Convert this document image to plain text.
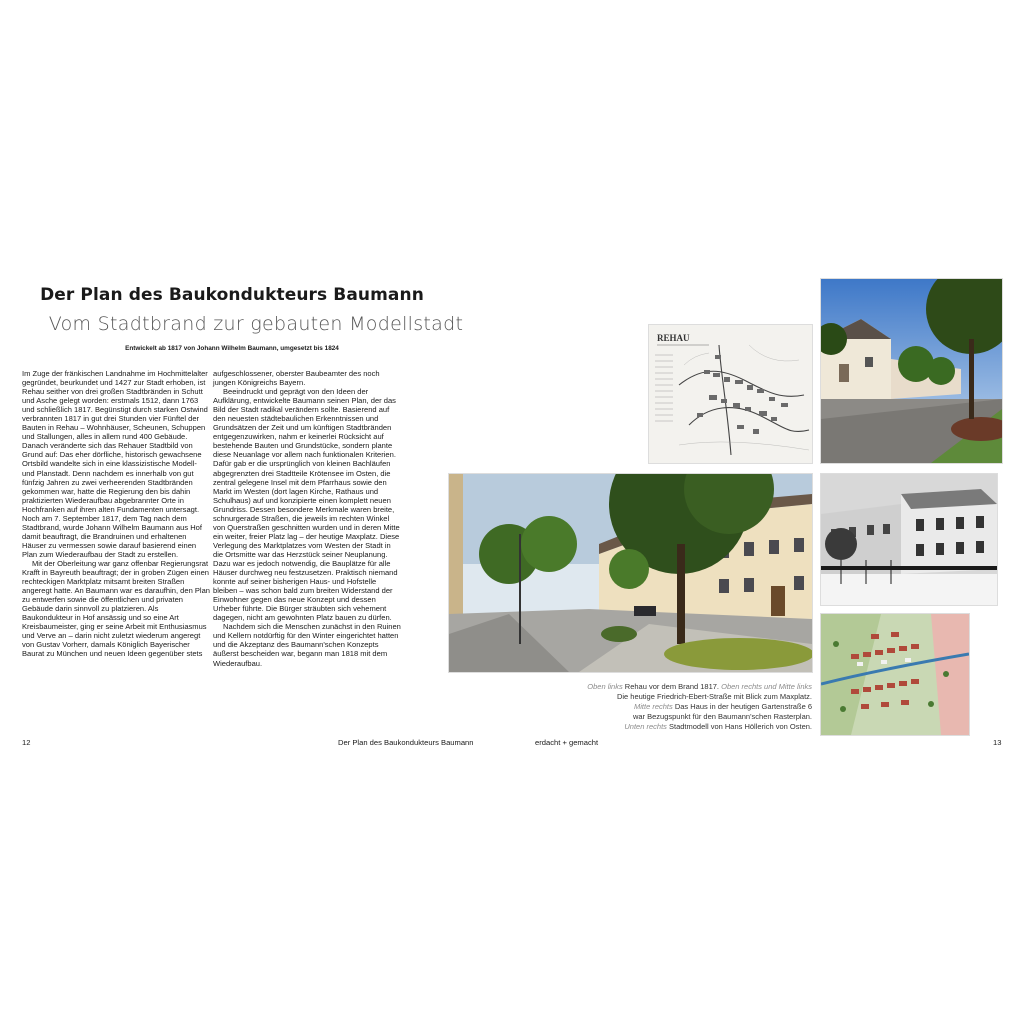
Der Plan des Baukondukteurs Baumann
Vom Stadtbrand zur gebauten Modellstadt
Entwickelt ab 1817 von Johann Wilhelm Baumann, umgesetzt bis 1824

Im Zuge der fränkischen Landnahme im Hochmittelalter gegründet, beurkundet und 1427 zur Stadt erhoben, ist Rehau seither von drei großen Stadtbränden in Schutt und Asche gelegt worden: erstmals 1512, dann 1763 und schließlich 1817. Begünstigt durch starken Ostwind verbrannten 1817 in gut drei Stunden vier Fünftel der Bauten in Rehau – Wohnhäuser, Scheunen, Schuppen und Stallungen, alles in allem rund 400 Gebäude. Danach veränderte sich das Rehauer Stadtbild von Grund auf: Das eher dörfliche, historisch gewachsene Ortsbild wandelte sich in eine klassizistische Modell- und Planstadt. Denn nachdem es innerhalb von gut fünfzig Jahren zu zwei verheerenden Stadtbränden gekommen war, hatte die Regierung den bis dahin praktizierten Wiederaufbau abgebrannter Orte in Hochfranken auf ihren alten Fundamenten untersagt. Noch am 7. September 1817, dem Tag nach dem Stadtbrand, wurde Johann Wilhelm Baumann aus Hof damit beauftragt, die Brandruinen und erhaltenen Häuser zu vermessen sowie darauf basierend einen Plan zum Wiederaufbau der Stadt zu erstellen.

Mit der Oberleitung war ganz offenbar Regierungsrat Krafft in Bayreuth beauftragt; der in groben Zügen einen rechteckigen Marktplatz mitsamt breiten Straßen angeregt hatte. An Baumann war es daraufhin, den Plan zu entwerfen sowie die öffentlichen und privaten Gebäude darin sinnvoll zu platzieren. Als Baukondukteur in Hof ansässig und so eine Art Kreisbaumeister, ging er seine Arbeit mit Enthusiasmus und Verve an – darin nicht zuletzt wiederum angeregt von Gustav Vorherr, damals Königlich Bayerischer Baurat zu München und neuen Ideen gegenüber stets

aufgeschlossener, oberster Baubeamter des noch jungen Königreichs Bayern.

Beeindruckt und geprägt von den Ideen der Aufklärung, entwickelte Baumann seinen Plan, der das Bild der Stadt radikal verändern sollte. Basierend auf den neuesten städtebaulichen Erkenntnissen und Grundsätzen der Zeit und um künftigen Stadtbränden entgegenzuwirken, nahm er keinerlei Rücksicht auf bestehende Bauten und Grundstücke, sondern plante diese Neuanlage vor allem nach funktionalen Kriterien. Dafür gab er die ursprünglich von kleinen Bachläufen abgegrenzten drei Stadtteile Krötensee im Osten, die zentral gelegene Insel mit dem Pfarrhaus sowie den Markt im Westen (dort lagen Kirche, Rathaus und Schulhaus) auf und konzipierte einen komplett neuen Grundriss. Dessen besondere Merkmale waren breite, schnurgerade Straßen, die jeweils im rechten Winkel von Querstraßen geschnitten wurden und in deren Mitte ein weiter, freier Platz lag – der heutige Maxplatz. Diese Verlegung des Marktplatzes vom Westen der Stadt in die Ortsmitte war das Herzstück seiner Neuplanung. Dazu war es jedoch notwendig, die Bauplätze für alle Häuser durchweg neu festzusetzen. Praktisch niemand konnte auf seiner bisherigen Haus- und Hofstelle bleiben – was schon bald zum breiten Widerstand der Einwohner gegen das neue Konzept und dessen Urheber führte. Die Bürger sträubten sich vehement dagegen, nicht am gewohnten Platz bauen zu dürfen.

Nachdem sich die Menschen zunächst in den Ruinen und Kellern notdürftig für den Winter eingerichtet hatten und die Akzeptanz des Baumann'schen Konzepts äußerst bescheiden war, begann man 1818 mit dem Wiederaufbau.

REHAU
Oben links Rehau vor dem Brand 1817. Oben rechts und Mitte links
Die heutige Friedrich-Ebert-Straße mit Blick zum Maxplatz.
Mitte rechts Das Haus in der heutigen Gartenstraße 6
war Bezugspunkt für den Baumann'schen Rasterplan.
Unten rechts Stadtmodell von Hans Höllerich von Osten.
12	Der Plan des Baukondukteurs Baumann	erdacht + gemacht	13
